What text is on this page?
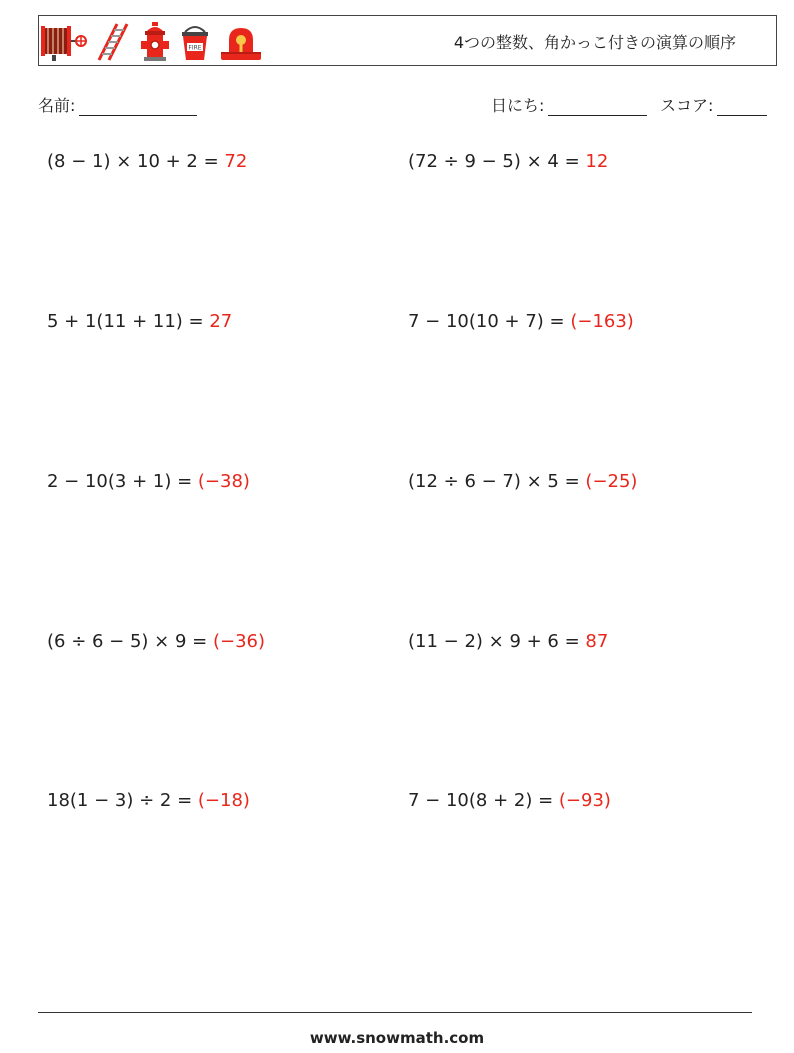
FIRE	4つの整数、角かっこ付きの演算の順序
名前:	日にち:	スコア:
(8 − 1) × 10 + 2 = 72	(72 ÷ 9 − 5) × 4 = 12
5 + 1(11 + 11) = 27	7 − 10(10 + 7) = (−163)
2 − 10(3 + 1) = (−38)	(12 ÷ 6 − 7) × 5 = (−25)
(6 ÷ 6 − 5) × 9 = (−36)	(11 − 2) × 9 + 6 = 87
18(1 − 3) ÷ 2 = (−18)	7 − 10(8 + 2) = (−93)
www.snowmath.com
